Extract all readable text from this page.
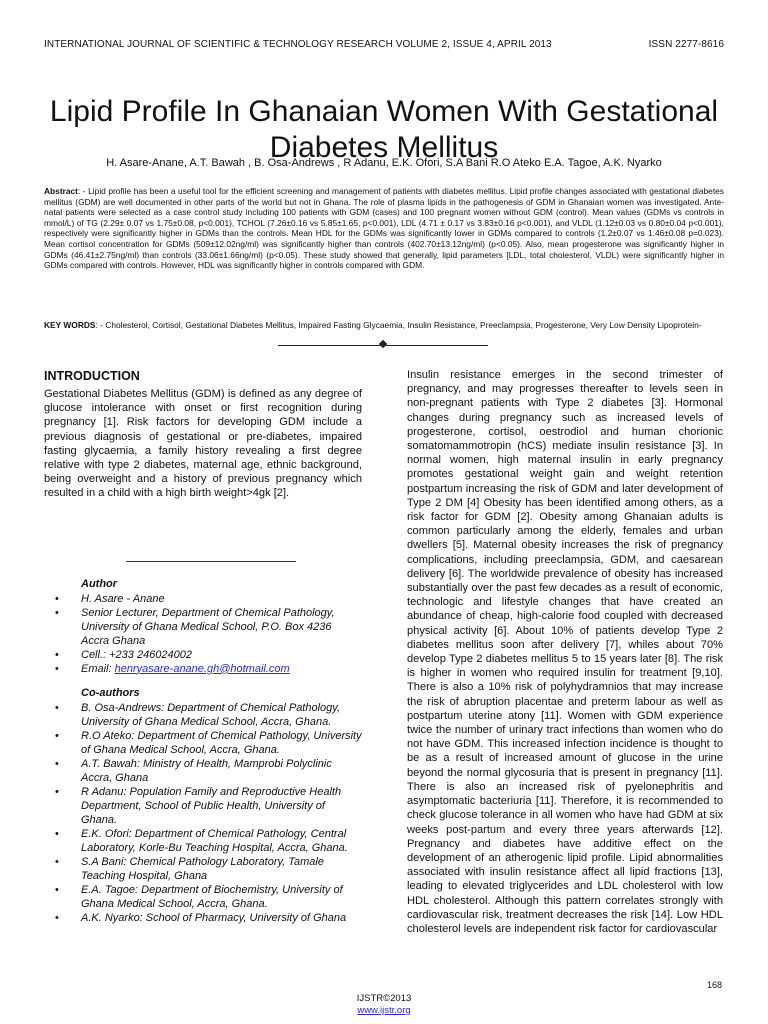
INTERNATIONAL JOURNAL OF SCIENTIFIC & TECHNOLOGY RESEARCH VOLUME 2, ISSUE 4, APRIL 2013	ISSN 2277-8616
Lipid Profile In Ghanaian Women With Gestational Diabetes Mellitus
H. Asare-Anane, A.T. Bawah , B. Osa-Andrews , R Adanu, E.K. Ofori, S.A Bani R.O Ateko E.A. Tagoe, A.K. Nyarko
Abstract: - Lipid profile has been a useful tool for the efficient screening and management of patients with diabetes mellitus. Lipid profile changes associated with gestational diabetes mellitus (GDM) are well documented in other parts of the world but not in Ghana. The role of plasma lipids in the pathogenesis of GDM in Ghanaian women was investigated. Ante-natal patients were selected as a case control study including 100 patients with GDM (cases) and 100 pregnant women without GDM (control). Mean values (GDMs vs controls in mmol/L) of TG (2.29± 0.07 vs 1.75±0.08, p<0.001), TCHOL (7.26±0.16 vs 5.85±1.65, p<0.001), LDL (4.71 ± 0.17 vs 3.83±0.16 p<0.001), and VLDL (1.12±0.03 vs 0.80±0.04 p<0.001), respectively were significantly higher in GDMs than the controls. Mean HDL for the GDMs was significantly lower in GDMs compared to controls (1.2±0.07 vs 1.46±0.08 p=0.023). Mean cortisol concentration for GDMs (509±12.02ng/ml) was significantly higher than controls (402.70±13.12ng/ml) (p<0.05). Also, mean progesterone was significantly higher in GDMs (46.41±2.75ng/ml) than controls (33.06±1.66ng/ml) (p<0.05). These study showed that generally, lipid parameters [LDL, total cholesterol, VLDL) were significantly higher in GDMs compared with controls. However, HDL was significantly higher in controls compared with GDM.
KEY WORDS: - Cholesterol, Cortisol, Gestational Diabetes Mellitus, Impaired Fasting Glycaemia, Insulin Resistance, Preeclampsia, Progesterone, Very Low Density Lipoprotein-
INTRODUCTION

Gestational Diabetes Mellitus (GDM) is defined as any degree of glucose intolerance with onset or first recognition during pregnancy [1]. Risk factors for developing GDM include a previous diagnosis of gestational or pre-diabetes, impaired fasting glycaemia, a family history revealing a first degree relative with type 2 diabetes, maternal age, ethnic background, being overweight and a history of previous pregnancy which resulted in a child with a high birth weight>4gk [2].

Author
• H. Asare - Anane
• Senior Lecturer, Department of Chemical Pathology, University of Ghana Medical School, P.O. Box 4236 Accra Ghana
• Cell.: +233 246024002
• Email: henryasare-anane.gh@hotmail.com
Co-authors
• B. Osa-Andrews: Department of Chemical Pathology, University of Ghana Medical School, Accra, Ghana.
• R.O Ateko: Department of Chemical Pathology, University of Ghana Medical School, Accra, Ghana.
• A.T. Bawah: Ministry of Health, Mamprobi Polyclinic Accra, Ghana
• R Adanu: Population Family and Reproductive Health Department, School of Public Health, University of Ghana.
• E.K. Ofori: Department of Chemical Pathology, Central Laboratory, Korle-Bu Teaching Hospital, Accra, Ghana.
• S.A Bani: Chemical Pathology Laboratory, Tamale Teaching Hospital, Ghana
• E.A. Tagoe: Department of Biochemistry, University of Ghana Medical School, Accra, Ghana.
• A.K. Nyarko: School of Pharmacy, University of Ghana

Insulin resistance emerges in the second trimester of pregnancy, and may progresses thereafter to levels seen in non-pregnant patients with Type 2 diabetes [3]. Hormonal changes during pregnancy such as increased levels of progesterone, cortisol, oestrodiol and human chorionic somatomammotropin (hCS) mediate insulin resistance [3]. In normal women, high maternal insulin in early pregnancy promotes gestational weight gain and weight retention postpartum increasing the risk of GDM and later development of Type 2 DM [4] Obesity has been identified among others, as a risk factor for GDM [2]. Obesity among Ghanaian adults is common particularly among the elderly, females and urban dwellers [5]. Maternal obesity increases the risk of pregnancy complications, including preeclampsia, GDM, and caesarean delivery [6]. The worldwide prevalence of obesity has increased substantially over the past few decades as a result of economic, technologic and lifestyle changes that have created an abundance of cheap, high-calorie food coupled with decreased physical activity [6]. About 10% of patients develop Type 2 diabetes mellitus soon after delivery [7], whiles about 70% develop Type 2 diabetes mellitus 5 to 15 years later [8]. The risk is higher in women who required insulin for treatment [9,10]. There is also a 10% risk of polyhydramnios that may increase the risk of abruption placentae and preterm labour as well as postpartum uterine atony [11]. Women with GDM experience twice the number of urinary tract infections than women who do not have GDM. This increased infection incidence is thought to be as a result of increased amount of glucose in the urine beyond the normal glycosuria that is present in pregnancy [11]. There is also an increased risk of pyelonephritis and asymptomatic bacteriuria [11]. Therefore, it is recommended to check glucose tolerance in all women who have had GDM at six weeks post-partum and every three years afterwards [12]. Pregnancy and diabetes have additive effect on the development of an atherogenic lipid profile. Lipid abnormalities associated with insulin resistance affect all lipid fractions [13], leading to elevated triglycerides and LDL cholesterol with low HDL cholesterol. Although this pattern correlates strongly with cardiovascular risk, treatment decreases the risk [14]. Low HDL cholesterol levels are independent risk factor for cardiovascular

168
IJSTR©2013
www.ijstr.org
